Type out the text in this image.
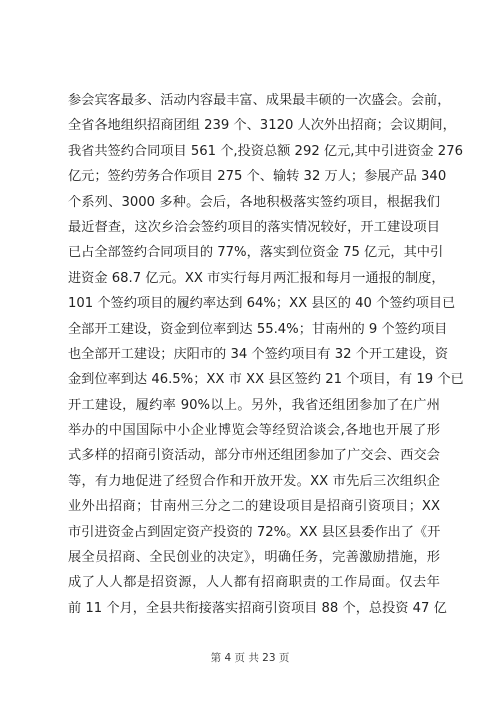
参会宾客最多、活动内容最丰富、成果最丰硕的一次盛会。会前，
全省各地组织招商团组 239 个、3120 人次外出招商；会议期间，
我省共签约合同项目 561 个,投资总额 292 亿元,其中引进资金 276
亿元；签约劳务合作项目 275 个、输转 32 万人；参展产品 340
个系列、3000 多种。会后，各地积极落实签约项目，根据我们
最近督查，这次乡洽会签约项目的落实情况较好，开工建设项目
已占全部签约合同项目的 77%，落实到位资金 75 亿元，其中引
进资金 68.7 亿元。XX 市实行每月两汇报和每月一通报的制度，
101 个签约项目的履约率达到 64%；XX 县区的 40 个签约项目已
全部开工建设，资金到位率到达 55.4%；甘南州的 9 个签约项目
也全部开工建设；庆阳市的 34 个签约项目有 32 个开工建设，资
金到位率到达 46.5%；XX 市 XX 县区签约 21 个项目，有 19 个已
开工建设，履约率 90%以上。另外，我省还组团参加了在广州
举办的中国国际中小企业博览会等经贸洽谈会,各地也开展了形
式多样的招商引资活动，部分市州还组团参加了广交会、西交会
等，有力地促进了经贸合作和开放开发。XX 市先后三次组织企
业外出招商；甘南州三分之二的建设项目是招商引资项目；XX
市引进资金占到固定资产投资的 72%。XX 县区县委作出了《开
展全员招商、全民创业的决定》，明确任务，完善激励措施，形
成了人人都是招资源，人人都有招商职责的工作局面。仅去年
前 11 个月，全县共衔接落实招商引资项目 88 个，总投资 47 亿
第 4 页 共 23 页
